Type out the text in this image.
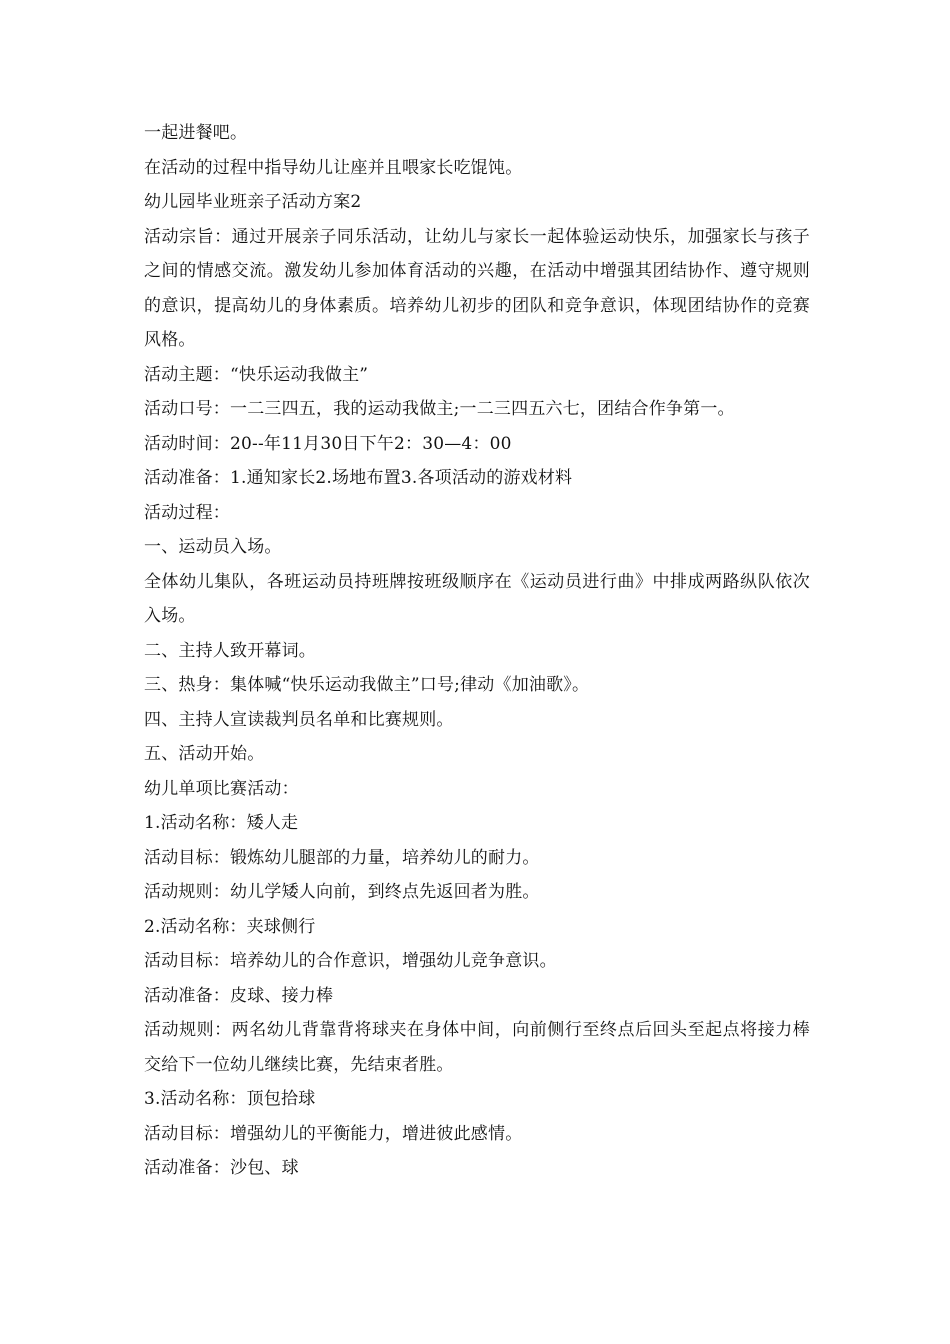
一起进餐吧。

在活动的过程中指导幼儿让座并且喂家长吃馄饨。

幼儿园毕业班亲子活动方案2

活动宗旨：通过开展亲子同乐活动，让幼儿与家长一起体验运动快乐，加强家长与孩子之间的情感交流。激发幼儿参加体育活动的兴趣，在活动中增强其团结协作、遵守规则的意识，提高幼儿的身体素质。培养幼儿初步的团队和竞争意识，体现团结协作的竞赛风格。

活动主题：“快乐运动我做主”

活动口号：一二三四五，我的运动我做主;一二三四五六七，团结合作争第一。

活动时间：20--年11月30日下午2：30—4：00

活动准备：1.通知家长2.场地布置3.各项活动的游戏材料

活动过程：

一、运动员入场。

全体幼儿集队，各班运动员持班牌按班级顺序在《运动员进行曲》中排成两路纵队依次入场。

二、主持人致开幕词。

三、热身：集体喊“快乐运动我做主”口号;律动《加油歌》。

四、主持人宣读裁判员名单和比赛规则。

五、活动开始。

幼儿单项比赛活动：

1.活动名称：矮人走

活动目标：锻炼幼儿腿部的力量，培养幼儿的耐力。

活动规则：幼儿学矮人向前，到终点先返回者为胜。

2.活动名称：夹球侧行

活动目标：培养幼儿的合作意识，增强幼儿竞争意识。

活动准备：皮球、接力棒

活动规则：两名幼儿背靠背将球夹在身体中间，向前侧行至终点后回头至起点将接力棒交给下一位幼儿继续比赛，先结束者胜。

3.活动名称：顶包拾球

活动目标：增强幼儿的平衡能力，增进彼此感情。

活动准备：沙包、球
